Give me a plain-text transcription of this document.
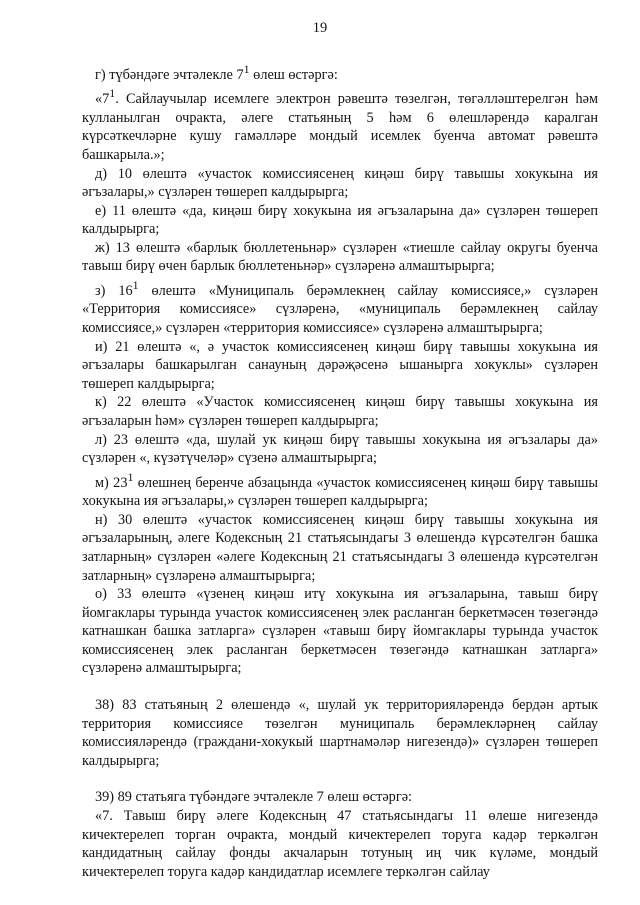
19

г) түбәндәге эчтәлекле $7^1$ өлеш өстәргә:

«$7^1$. Сайлаучылар исемлеге электрон рәвештә төзелгән, төгәлләштерелгән һәм кулланылган очракта, әлеге статьяның 5 һәм 6 өлешләрендә каралган күрсәткечләрне кушу гамәлләре мондый исемлек буенча автомат рәвештә башкарыла.»;

д) 10 өлештә «участок комиссиясенең киңәш бирү тавышы хокукына ия әгъзалары,» сүзләрен төшереп калдырырга;

е) 11 өлештә «да, киңәш бирү хокукына ия әгъзаларына да» сүзләрен төшереп калдырырга;

ж) 13 өлештә «барлык бюллетеньнәр» сүзләрен «тиешле сайлау округы буенча тавыш бирү өчен барлык бюллетеньнәр» сүзләренә алмаштырырга;

з) $16^1$ өлештә «Муниципаль берәмлекнең сайлау комиссиясе,» сүзләрен «Территория комиссиясе» сүзләренә, «муниципаль берәмлекнең сайлау комиссиясе,» сүзләрен «территория комиссиясе» сүзләренә алмаштырырга;

и) 21 өлештә «, ә участок комиссиясенең киңәш бирү тавышы хокукына ия әгъзалары башкарылган санауның дәрәҗәсенә ышанырга хокуклы» сүзләрен төшереп калдырырга;

к) 22 өлештә «Участок комиссиясенең киңәш бирү тавышы хокукына ия әгъзаларын һәм» сүзләрен төшереп калдырырга;

л) 23 өлештә «да, шулай ук киңәш бирү тавышы хокукына ия әгъзалары да» сүзләрен «, күзәтүчеләр» сүзенә алмаштырырга;

м) $23^1$ өлешнең беренче абзацында «участок комиссиясенең киңәш бирү тавышы хокукына ия әгъзалары,» сүзләрен төшереп калдырырга;

н) 30 өлештә «участок комиссиясенең киңәш бирү тавышы хокукына ия әгъзаларының, әлеге Кодексның 21 статьясындагы 3 өлешендә күрсәтелгән башка затларның» сүзләрен «әлеге Кодексның 21 статьясындагы 3 өлешендә күрсәтелгән затларның» сүзләренә алмаштырырга;

о) 33 өлештә «үзенең киңәш итү хокукына ия әгъзаларына, тавыш бирү йомгаклары турында участок комиссиясенең элек расланган беркетмәсен төзегәндә катнашкан башка затларга» сүзләрен «тавыш бирү йомгаклары турында участок комиссиясенең элек расланган беркетмәсен төзегәндә катнашкан затларга» сүзләренә алмаштырырга;

38) 83 статьяның 2 өлешендә «, шулай ук территорияләрендә бердән артык территория комиссиясе төзелгән муниципаль берәмлекләрнең сайлау комиссияләрендә (граждани-хокукый шартнамәләр нигезендә)» сүзләрен төшереп калдырырга;

39) 89 статьяга түбәндәге эчтәлекле 7 өлеш өстәргә:

«7. Тавыш бирү әлеге Кодексның 47 статьясындагы 11 өлеше нигезендә кичектерелеп торган очракта, мондый кичектерелеп торуга кадәр теркәлгән кандидатның сайлау фонды акчаларын тотуның иң чик күләме, мондый кичектерелеп торуга кадәр кандидатлар исемлеге теркәлгән сайлау
